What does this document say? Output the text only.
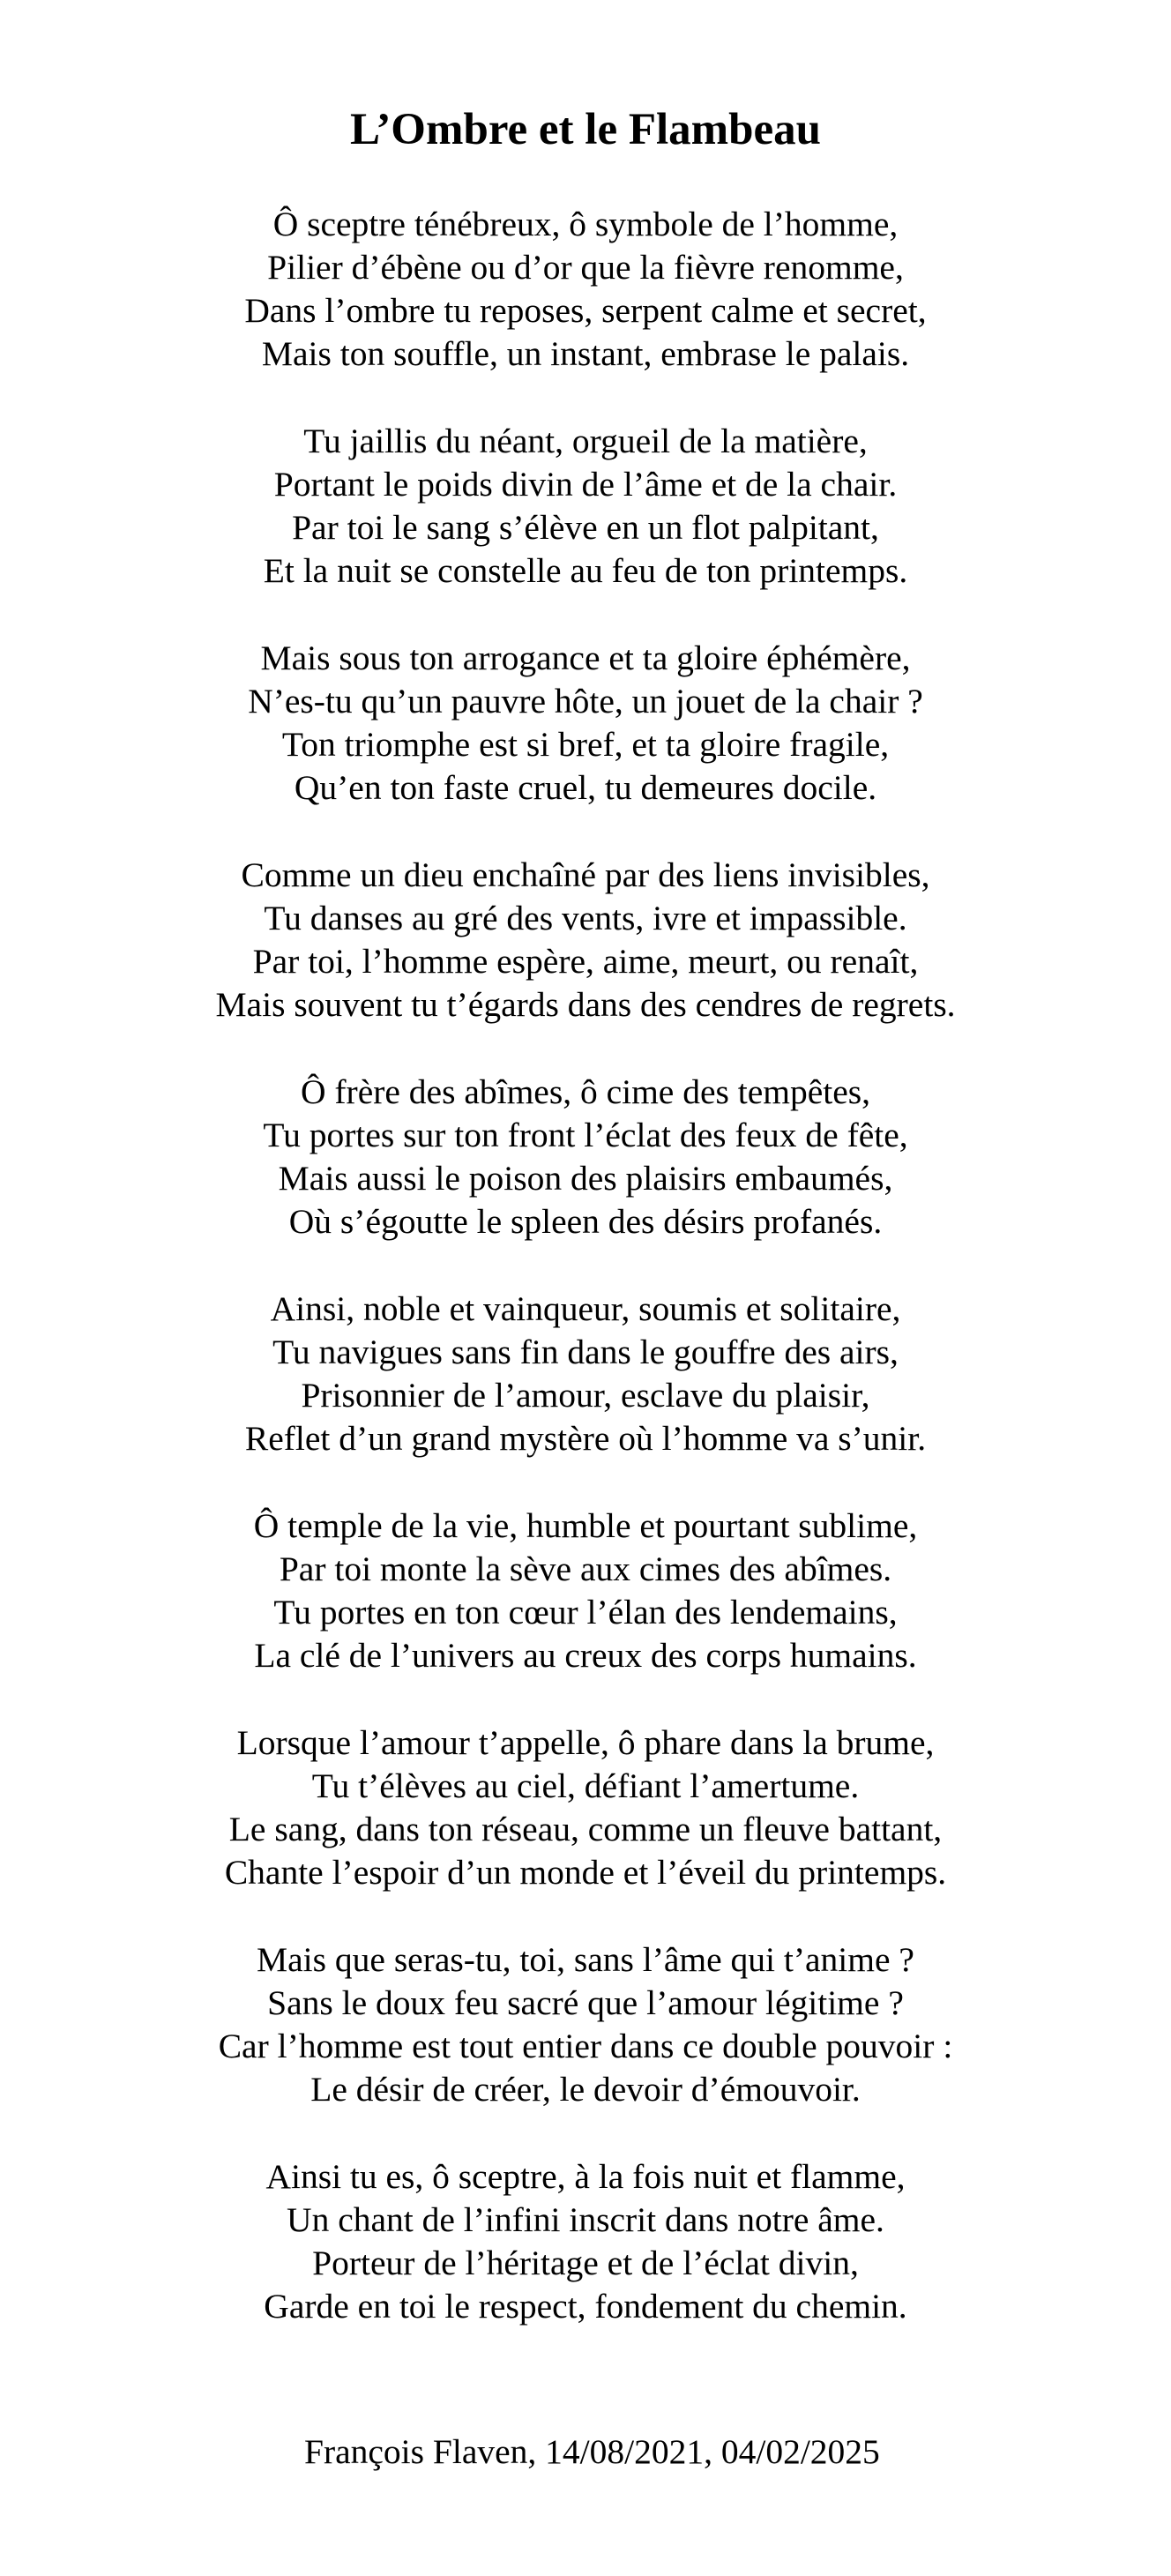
L’Ombre et le Flambeau
Ô sceptre ténébreux, ô symbole de l’homme,
Pilier d’ébène ou d’or que la fièvre renomme,
Dans l’ombre tu reposes, serpent calme et secret,
Mais ton souffle, un instant, embrase le palais.
Tu jaillis du néant, orgueil de la matière,
Portant le poids divin de l’âme et de la chair.
Par toi le sang s’élève en un flot palpitant,
Et la nuit se constelle au feu de ton printemps.
Mais sous ton arrogance et ta gloire éphémère,
N’es-tu qu’un pauvre hôte, un jouet de la chair ?
Ton triomphe est si bref, et ta gloire fragile,
Qu’en ton faste cruel, tu demeures docile.
Comme un dieu enchaîné par des liens invisibles,
Tu danses au gré des vents, ivre et impassible.
Par toi, l’homme espère, aime, meurt, ou renaît,
Mais souvent tu t’égards dans des cendres de regrets.
Ô frère des abîmes, ô cime des tempêtes,
Tu portes sur ton front l’éclat des feux de fête,
Mais aussi le poison des plaisirs embaumés,
Où s’égoutte le spleen des désirs profanés.
Ainsi, noble et vainqueur, soumis et solitaire,
Tu navigues sans fin dans le gouffre des airs,
Prisonnier de l’amour, esclave du plaisir,
Reflet d’un grand mystère où l’homme va s’unir.
Ô temple de la vie, humble et pourtant sublime,
Par toi monte la sève aux cimes des abîmes.
Tu portes en ton cœur l’élan des lendemains,
La clé de l’univers au creux des corps humains.
Lorsque l’amour t’appelle, ô phare dans la brume,
Tu t’élèves au ciel, défiant l’amertume.
Le sang, dans ton réseau, comme un fleuve battant,
Chante l’espoir d’un monde et l’éveil du printemps.
Mais que seras-tu, toi, sans l’âme qui t’anime ?
Sans le doux feu sacré que l’amour légitime ?
Car l’homme est tout entier dans ce double pouvoir :
Le désir de créer, le devoir d’émouvoir.
Ainsi tu es, ô sceptre, à la fois nuit et flamme,
Un chant de l’infini inscrit dans notre âme.
Porteur de l’héritage et de l’éclat divin,
Garde en toi le respect, fondement du chemin.
François Flaven, 14/08/2021, 04/02/2025
